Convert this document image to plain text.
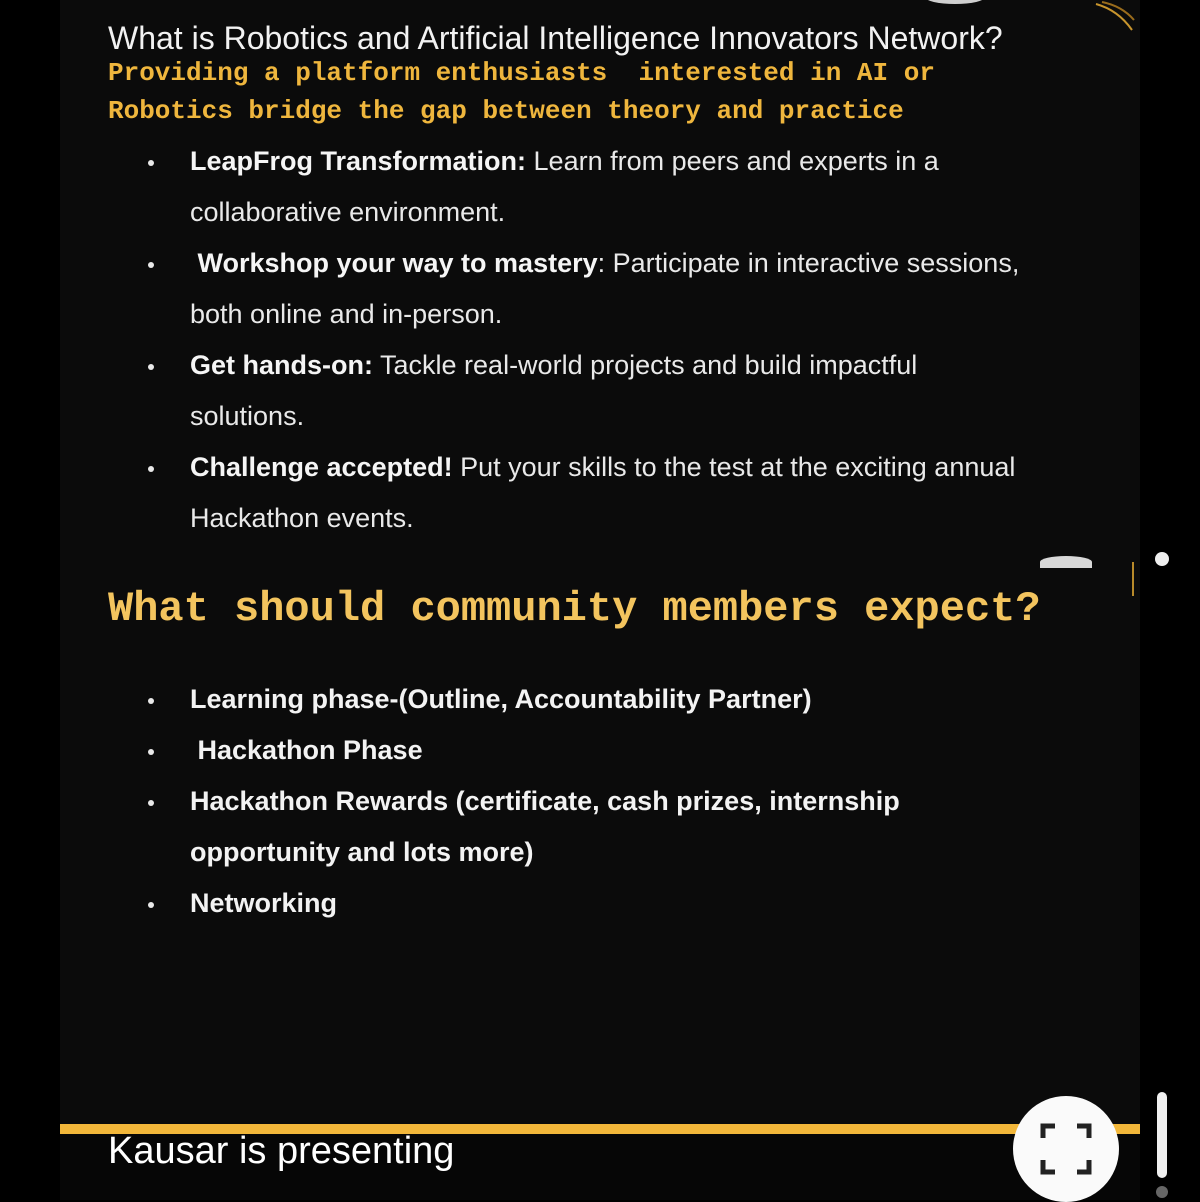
What is Robotics and Artificial Intelligence Innovators Network?
Providing a platform enthusiasts  interested in AI or
Robotics bridge the gap between theory and practice
LeapFrog Transformation: Learn from peers and experts in a
collaborative environment.
Workshop your way to mastery: Participate in interactive sessions,
both online and in-person.
Get hands-on: Tackle real-world projects and build impactful
solutions.
Challenge accepted! Put your skills to the test at the exciting annual
Hackathon events.
What should community members expect?
Learning phase-(Outline, Accountability Partner)
Hackathon Phase
Hackathon Rewards (certificate, cash prizes, internship
opportunity and lots more)
Networking
Kausar is presenting
